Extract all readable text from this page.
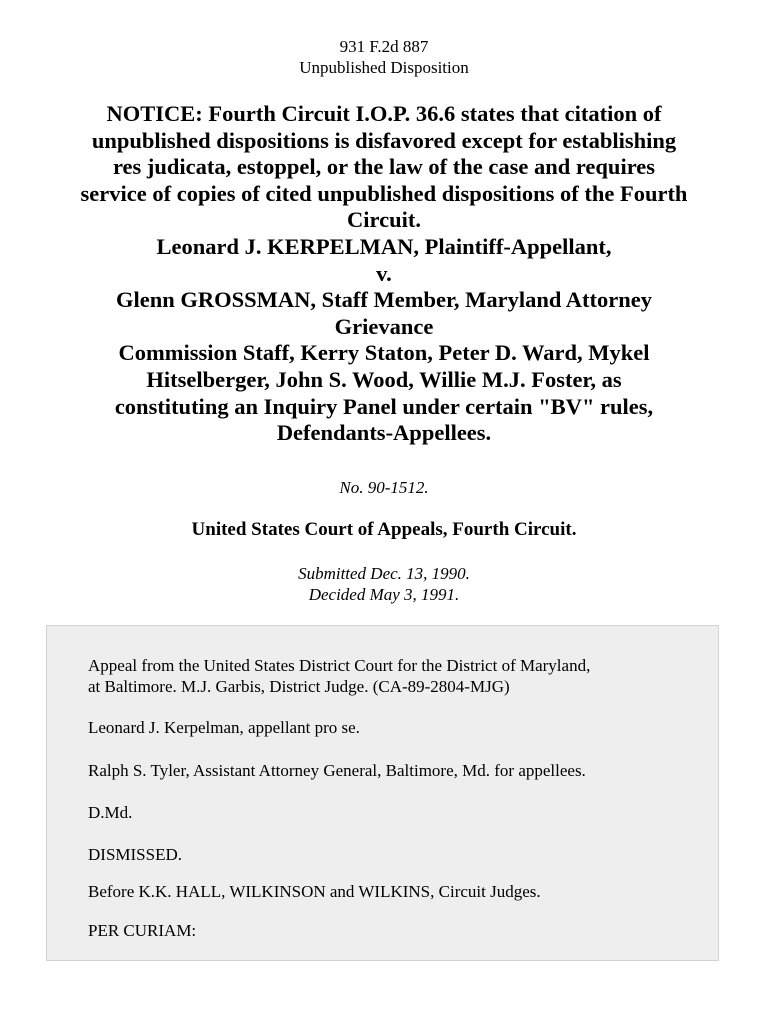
931 F.2d 887
Unpublished Disposition
NOTICE: Fourth Circuit I.O.P. 36.6 states that citation of
unpublished dispositions is disfavored except for establishing
res judicata, estoppel, or the law of the case and requires
service of copies of cited unpublished dispositions of the Fourth
Circuit.
Leonard J. KERPELMAN, Plaintiff-Appellant,
v.
Glenn GROSSMAN, Staff Member, Maryland Attorney
Grievance
Commission Staff, Kerry Staton, Peter D. Ward, Mykel
Hitselberger, John S. Wood, Willie M.J. Foster, as
constituting an Inquiry Panel under certain "BV" rules,
Defendants-Appellees.
No. 90-1512.
United States Court of Appeals, Fourth Circuit.
Submitted Dec. 13, 1990.
Decided May 3, 1991.

Appeal from the United States District Court for the District of Maryland,
at Baltimore. M.J. Garbis, District Judge. (CA-89-2804-MJG)

Leonard J. Kerpelman, appellant pro se.

Ralph S. Tyler, Assistant Attorney General, Baltimore, Md. for appellees.

D.Md.

DISMISSED.

Before K.K. HALL, WILKINSON and WILKINS, Circuit Judges.

PER CURIAM:
